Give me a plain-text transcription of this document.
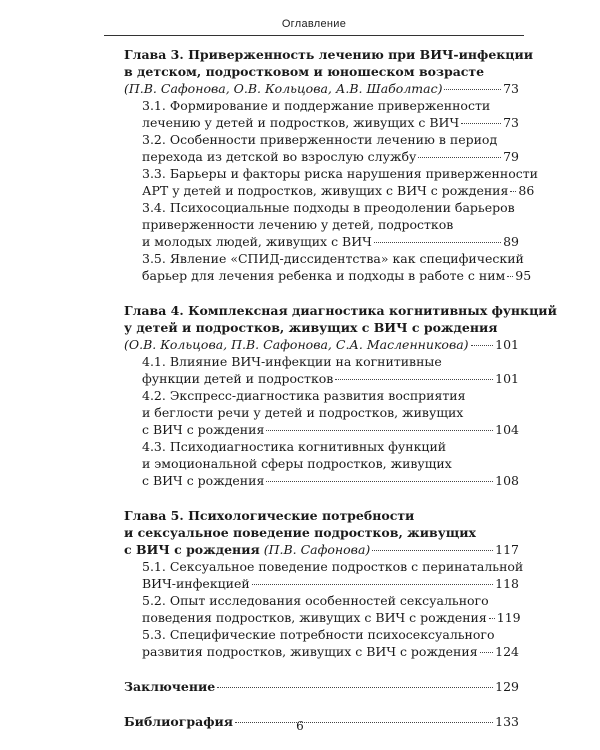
Оглавление
Глава 3. Приверженность лечению при ВИЧ-инфекции
в детском, подростковом и юношеском возрасте
(П.В. Сафонова, О.В. Кольцова, А.В. Шаболтас)	73
3.1. Формирование и поддержание приверженности
лечению у детей и подростков, живущих с ВИЧ	73
3.2. Особенности приверженности лечению в период
перехода из детской во взрослую службу	79
3.3. Барьеры и факторы риска нарушения приверженности
АРТ у детей и подростков, живущих с ВИЧ с рождения 86
3.4. Психосоциальные подходы в преодолении барьеров
приверженности лечению у детей, подростков
и молодых людей, живущих с ВИЧ	89
3.5. Явление «СПИД-диссидентства» как специфический
барьер для лечения ребенка и подходы в работе с ним 95
Глава 4. Комплексная диагностика когнитивных функций
у детей и подростков, живущих с ВИЧ с рождения
(О.В. Кольцова, П.В. Сафонова, С.А. Масленникова) 101
4.1. Влияние ВИЧ-инфекции на когнитивные
функции детей и подростков	101
4.2. Экспресс-диагностика развития восприятия
и беглости речи у детей и подростков, живущих
с ВИЧ с рождения	104
4.3. Психодиагностика когнитивных функций
и эмоциональной сферы подростков, живущих
с ВИЧ с рождения	108
Глава 5. Психологические потребности
и сексуальное поведение подростков, живущих
с ВИЧ с рождения
(П.В. Сафонова)	117
5.1. Сексуальное поведение подростков с перинатальной
ВИЧ-инфекцией	118
5.2. Опыт исследования особенностей сексуального
поведения подростков, живущих с ВИЧ с рождения 119
5.3. Специфические потребности психосексуального
развития подростков, живущих с ВИЧ с рождения 124
Заключение	129
Библиография	133
6
